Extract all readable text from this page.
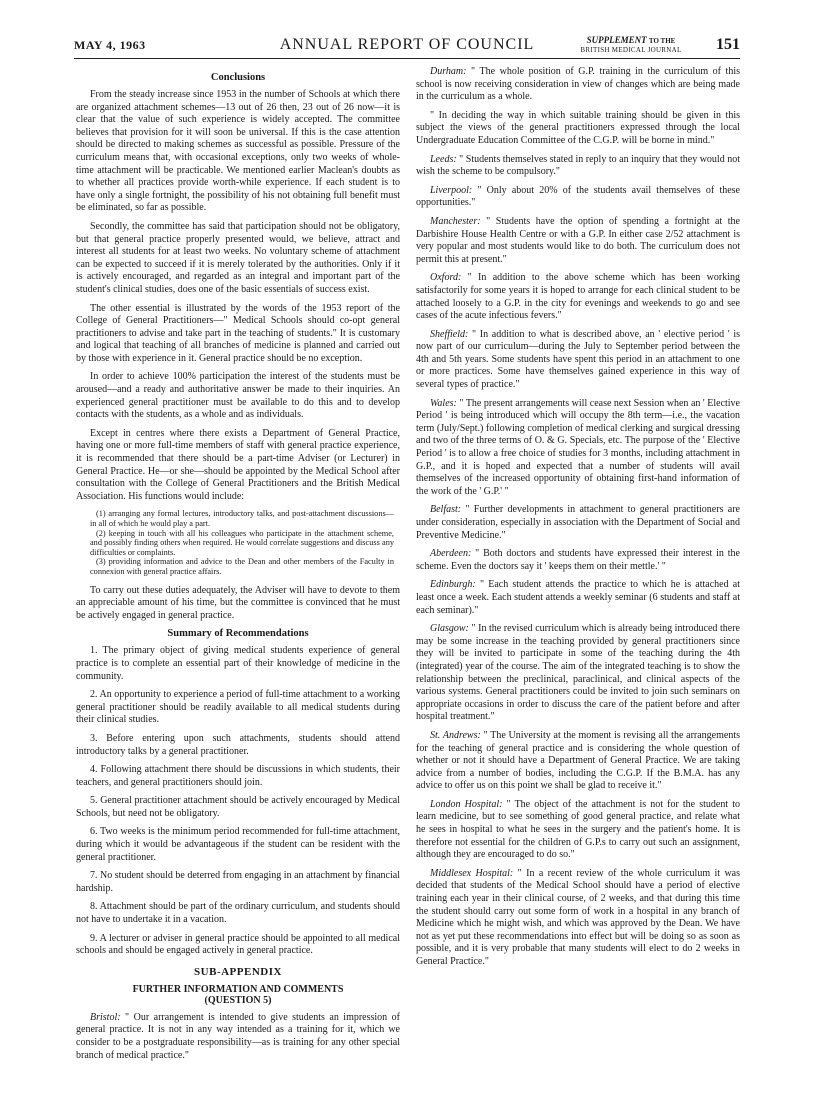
MAY 4, 1963	ANNUAL REPORT OF COUNCIL	SUPPLEMENT TO THE
BRITISH MEDICAL JOURNAL	151
Conclusions

From the steady increase since 1953 in the number of Schools at which there are organized attachment schemes—13 out of 26 then, 23 out of 26 now—it is clear that the value of such experience is widely accepted. The committee believes that provision for it will soon be universal. If this is the case attention should be directed to making schemes as successful as possible. Pressure of the curriculum means that, with occasional exceptions, only two weeks of whole-time attachment will be practicable. We mentioned earlier Maclean's doubts as to whether all practices provide worth-while experience. If each student is to have only a single fortnight, the possibility of his not obtaining full benefit must be eliminated, so far as possible.

Secondly, the committee has said that participation should not be obligatory, but that general practice properly presented would, we believe, attract and interest all students for at least two weeks. No voluntary scheme of attachment can be expected to succeed if it is merely tolerated by the authorities. Only if it is actively encouraged, and regarded as an integral and important part of the student's clinical studies, does one of the basic essentials of success exist.

The other essential is illustrated by the words of the 1953 report of the College of General Practitioners—" Medical Schools should co-opt general practitioners to advise and take part in the teaching of students." It is customary and logical that teaching of all branches of medicine is planned and carried out by those with experience in it. General practice should be no exception.

In order to achieve 100% participation the interest of the students must be aroused—and a ready and authoritative answer be made to their inquiries. An experienced general practitioner must be available to do this and to develop contacts with the students, as a whole and as individuals.

Except in centres where there exists a Department of General Practice, having one or more full-time members of staff with general practice experience, it is recommended that there should be a part-time Adviser (or Lecturer) in General Practice. He—or she—should be appointed by the Medical School after consultation with the College of General Practitioners and the British Medical Association. His functions would include:

(1) arranging any formal lectures, introductory talks, and post-attachment discussions—in all of which he would play a part.
(2) keeping in touch with all his colleagues who participate in the attachment scheme, and possibly finding others when required. He would correlate suggestions and discuss any difficulties or complaints.
(3) providing information and advice to the Dean and other members of the Faculty in connexion with general practice affairs.

To carry out these duties adequately, the Adviser will have to devote to them an appreciable amount of his time, but the committee is convinced that he must be actively engaged in general practice.

Summary of Recommendations

1. The primary object of giving medical students experience of general practice is to complete an essential part of their knowledge of medicine in the community.

2. An opportunity to experience a period of full-time attachment to a working general practitioner should be readily available to all medical students during their clinical studies.

3. Before entering upon such attachments, students should attend introductory talks by a general practitioner.

4. Following attachment there should be discussions in which students, their teachers, and general practitioners should join.

5. General practitioner attachment should be actively encouraged by Medical Schools, but need not be obligatory.

6. Two weeks is the minimum period recommended for full-time attachment, during which it would be advantageous if the student can be resident with the general practitioner.

7. No student should be deterred from engaging in an attachment by financial hardship.

8. Attachment should be part of the ordinary curriculum, and students should not have to undertake it in a vacation.

9. A lecturer or adviser in general practice should be appointed to all medical schools and should be engaged actively in general practice.

SUB-APPENDIX
FURTHER INFORMATION AND COMMENTS
(QUESTION 5)

Bristol: " Our arrangement is intended to give students an impression of general practice. It is not in any way intended as a training for it, which we consider to be a postgraduate responsibility—as is training for any other special branch of medical practice."

Durham: " The whole position of G.P. training in the curriculum of this school is now receiving consideration in view of changes which are being made in the curriculum as a whole.

" In deciding the way in which suitable training should be given in this subject the views of the general practitioners expressed through the local Undergraduate Education Committee of the C.G.P. will be borne in mind."

Leeds: " Students themselves stated in reply to an inquiry that they would not wish the scheme to be compulsory."

Liverpool: " Only about 20% of the students avail themselves of these opportunities."

Manchester: " Students have the option of spending a fortnight at the Darbishire House Health Centre or with a G.P. In either case 2/52 attachment is very popular and most students would like to do both. The curriculum does not permit this at present."

Oxford: " In addition to the above scheme which has been working satisfactorily for some years it is hoped to arrange for each clinical student to be attached loosely to a G.P. in the city for evenings and weekends to go and see cases of the acute infectious fevers."

Sheffield: " In addition to what is described above, an ' elective period ' is now part of our curriculum—during the July to September period between the 4th and 5th years. Some students have spent this period in an attachment to one or more practices. Some have themselves gained experience in this way of several types of practice."

Wales: " The present arrangements will cease next Session when an ' Elective Period ' is being introduced which will occupy the 8th term—i.e., the vacation term (July/Sept.) following completion of medical clerking and surgical dressing and two of the three terms of O. & G. Specials, etc. The purpose of the ' Elective Period ' is to allow a free choice of studies for 3 months, including attachment in G.P., and it is hoped and expected that a number of students will avail themselves of the increased opportunity of obtaining first-hand information of the work of the ' G.P.' "

Belfast: " Further developments in attachment to general practitioners are under consideration, especially in association with the Department of Social and Preventive Medicine."

Aberdeen: " Both doctors and students have expressed their interest in the scheme. Even the doctors say it ' keeps them on their mettle.' "

Edinburgh: " Each student attends the practice to which he is attached at least once a week. Each student attends a weekly seminar (6 students and staff at each seminar)."

Glasgow: " In the revised curriculum which is already being introduced there may be some increase in the teaching provided by general practitioners since they will be invited to participate in some of the teaching during the 4th (integrated) year of the course. The aim of the integrated teaching is to show the relationship between the preclinical, paraclinical, and clinical aspects of the various systems. General practitioners could be invited to join such seminars on appropriate occasions in order to discuss the care of the patient before and after hospital treatment."

St. Andrews: " The University at the moment is revising all the arrangements for the teaching of general practice and is considering the whole question of whether or not it should have a Department of General Practice. We are taking advice from a number of bodies, including the C.G.P. If the B.M.A. has any advice to offer us on this point we shall be glad to receive it."

London Hospital: " The object of the attachment is not for the student to learn medicine, but to see something of good general practice, and relate what he sees in hospital to what he sees in the surgery and the patient's home. It is therefore not essential for the children of G.P.s to carry out such an assignment, although they are encouraged to do so."

Middlesex Hospital: " In a recent review of the whole curriculum it was decided that students of the Medical School should have a period of elective training each year in their clinical course, of 2 weeks, and that during this time the student should carry out some form of work in a hospital in any branch of Medicine which he might wish, and which was approved by the Dean. We have not as yet put these recommendations into effect but will be doing so as soon as possible, and it is very probable that many students will elect to do 2 weeks in General Practice."
